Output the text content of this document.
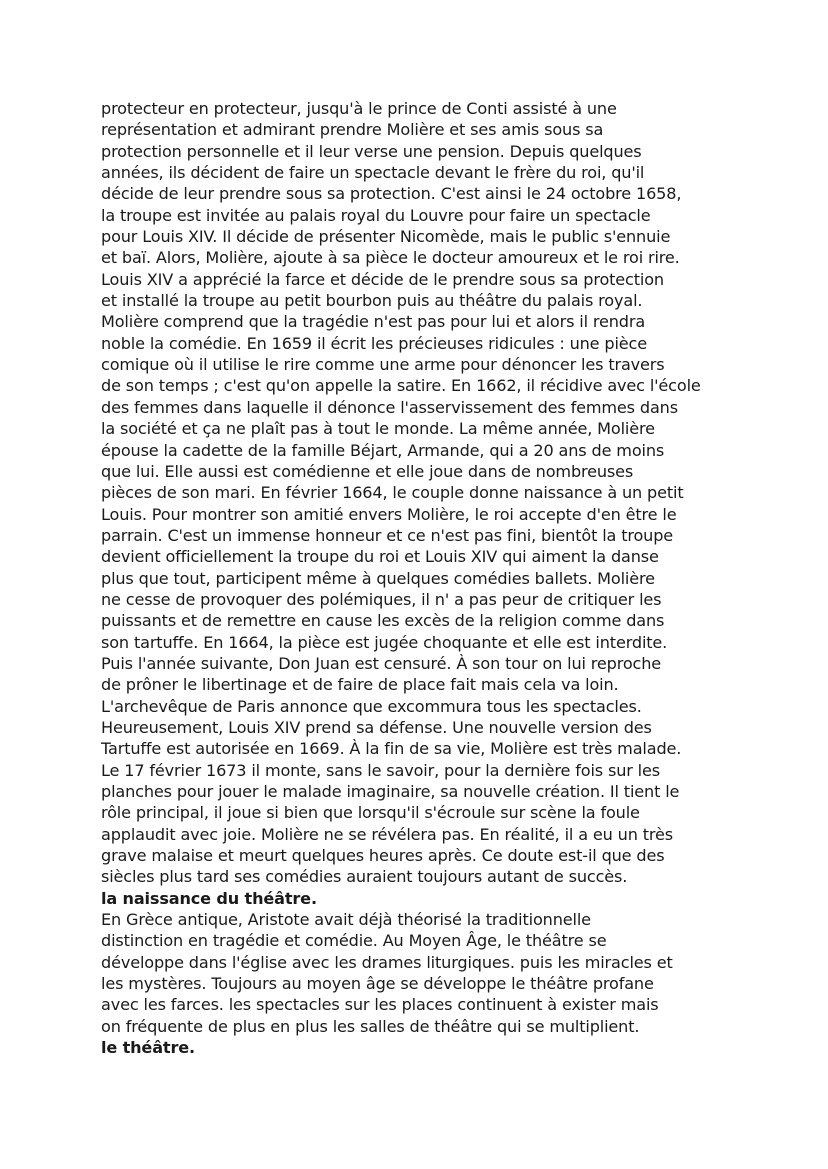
protecteur en protecteur, jusqu'à le prince de Conti assisté à une
représentation et admirant prendre Molière et ses amis sous sa
protection personnelle et il leur verse une pension. Depuis quelques
années, ils décident de faire un spectacle devant le frère du roi, qu'il
décide de leur prendre sous sa protection. C'est ainsi le 24 octobre 1658,
la troupe est invitée au palais royal du Louvre pour faire un spectacle
pour Louis XIV. Il décide de présenter Nicomède, mais le public s'ennuie
et baï. Alors, Molière, ajoute à sa pièce le docteur amoureux et le roi rire.
Louis XIV a apprécié la farce et décide de le prendre sous sa protection
et installé la troupe au petit bourbon puis au théâtre du palais royal.
Molière comprend que la tragédie n'est pas pour lui et alors il rendra
noble la comédie. En 1659 il écrit les précieuses ridicules : une pièce
comique où il utilise le rire comme une arme pour dénoncer les travers
de son temps ; c'est qu'on appelle la satire. En 1662, il récidive avec l'école
des femmes dans laquelle il dénonce l'asservissement des femmes dans
la société et ça ne plaît pas à tout le monde. La même année, Molière
épouse la cadette de la famille Béjart, Armande, qui a 20 ans de moins
que lui. Elle aussi est comédienne et elle joue dans de nombreuses
pièces de son mari. En février 1664, le couple donne naissance à un petit
Louis. Pour montrer son amitié envers Molière, le roi accepte d'en être le
parrain. C'est un immense honneur et ce n'est pas fini, bientôt la troupe
devient officiellement la troupe du roi et Louis XIV qui aiment la danse
plus que tout, participent même à quelques comédies ballets. Molière
ne cesse de provoquer des polémiques, il n' a pas peur de critiquer les
puissants et de remettre en cause les excès de la religion comme dans
son tartuffe. En 1664, la pièce est jugée choquante et elle est interdite.
Puis l'année suivante, Don Juan est censuré. À son tour on lui reproche
de prôner le libertinage et de faire de place fait mais cela va loin.
L'archevêque de Paris annonce que excommura tous les spectacles.
Heureusement, Louis XIV prend sa défense. Une nouvelle version des
Tartuffe est autorisée en 1669. À la fin de sa vie, Molière est très malade.
Le 17 février 1673 il monte, sans le savoir, pour la dernière fois sur les
planches pour jouer le malade imaginaire, sa nouvelle création. Il tient le
rôle principal, il joue si bien que lorsqu'il s'écroule sur scène la foule
applaudit avec joie. Molière ne se révélera pas. En réalité, il a eu un très
grave malaise et meurt quelques heures après. Ce doute est-il que des
siècles plus tard ses comédies auraient toujours autant de succès.
la naissance du théâtre.
En Grèce antique, Aristote avait déjà théorisé la traditionnelle
distinction en tragédie et comédie. Au Moyen Âge, le théâtre se
développe dans l'église avec les drames liturgiques. puis les miracles et
les mystères. Toujours au moyen âge se développe le théâtre profane
avec les farces. les spectacles sur les places continuent à exister mais
on fréquente de plus en plus les salles de théâtre qui se multiplient.
le théâtre.
